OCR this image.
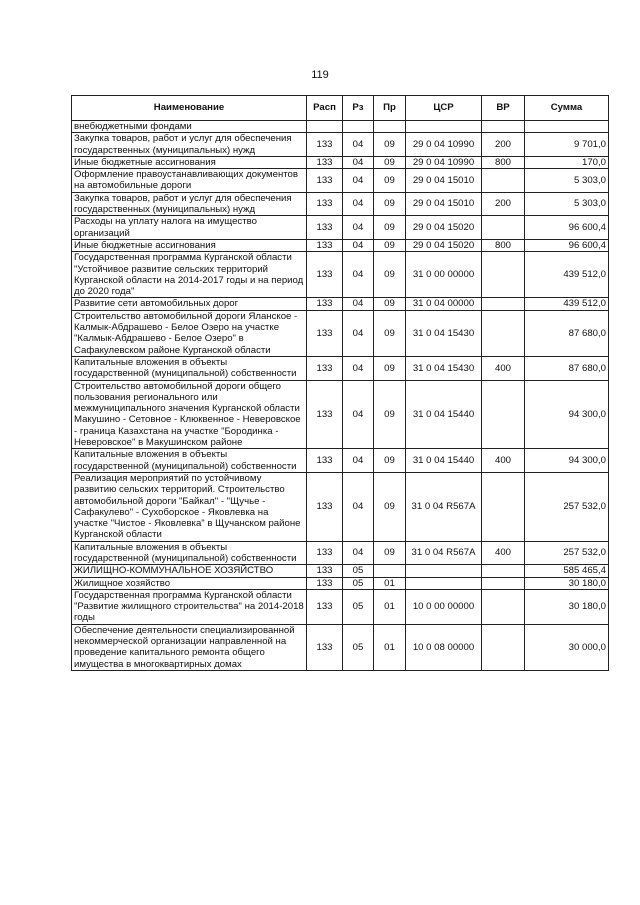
119
Наименование	Расп	Рз	Пр	ЦСР	ВР	Сумма
внебюджетными фондами						
Закупка товаров, работ и услуг для обеспечения государственных (муниципальных) нужд	133	04	09	29 0 04 10990	200	9 701,0
Иные бюджетные ассигнования	133	04	09	29 0 04 10990	800	170,0
Оформление правоустанавливающих документов на автомобильные дороги	133	04	09	29 0 04 15010		5 303,0
Закупка товаров, работ и услуг для обеспечения государственных (муниципальных) нужд	133	04	09	29 0 04 15010	200	5 303,0
Расходы на уплату налога на имущество организаций	133	04	09	29 0 04 15020		96 600,4
Иные бюджетные ассигнования	133	04	09	29 0 04 15020	800	96 600,4
Государственная программа Курганской области "Устойчивое развитие сельских территорий Курганской области на 2014-2017 годы и на период до 2020 года"	133	04	09	31 0 00 00000		439 512,0
Развитие сети автомобильных дорог	133	04	09	31 0 04 00000		439 512,0
Строительство автомобильной дороги Яланское - Калмык-Абдрашево - Белое Озеро на участке "Калмык-Абдрашево - Белое Озеро" в Сафакулевском районе Курганской области	133	04	09	31 0 04 15430		87 680,0
Капитальные вложения в объекты государственной (муниципальной) собственности	133	04	09	31 0 04 15430	400	87 680,0
Строительство автомобильной дороги общего пользования регионального или межмуниципального значения Курганской области Макушино - Сетовное - Клюквенное - Неверовское - граница Казахстана на участке "Бородинка - Неверовское" в Макушинском районе	133	04	09	31 0 04 15440		94 300,0
Капитальные вложения в объекты государственной (муниципальной) собственности	133	04	09	31 0 04 15440	400	94 300,0
Реализация мероприятий по устойчивому развитию сельских территорий. Строительство автомобильной дороги "Байкал" - "Щучье - Сафакулево" - Сухоборское - Яковлевка на участке "Чистое - Яковлевка" в Щучанском районе Курганской области	133	04	09	31 0 04 R567A		257 532,0
Капитальные вложения в объекты государственной (муниципальной) собственности	133	04	09	31 0 04 R567A	400	257 532,0
ЖИЛИЩНО-КОММУНАЛЬНОЕ ХОЗЯЙСТВО	133	05				585 465,4
Жилищное хозяйство	133	05	01			30 180,0
Государственная программа Курганской области "Развитие жилищного строительства" на 2014-2018 годы	133	05	01	10 0 00 00000		30 180,0
Обеспечение деятельности специализированной некоммерческой организации направленной на проведение капитального ремонта общего имущества в многоквартирных домах	133	05	01	10 0 08 00000		30 000,0
